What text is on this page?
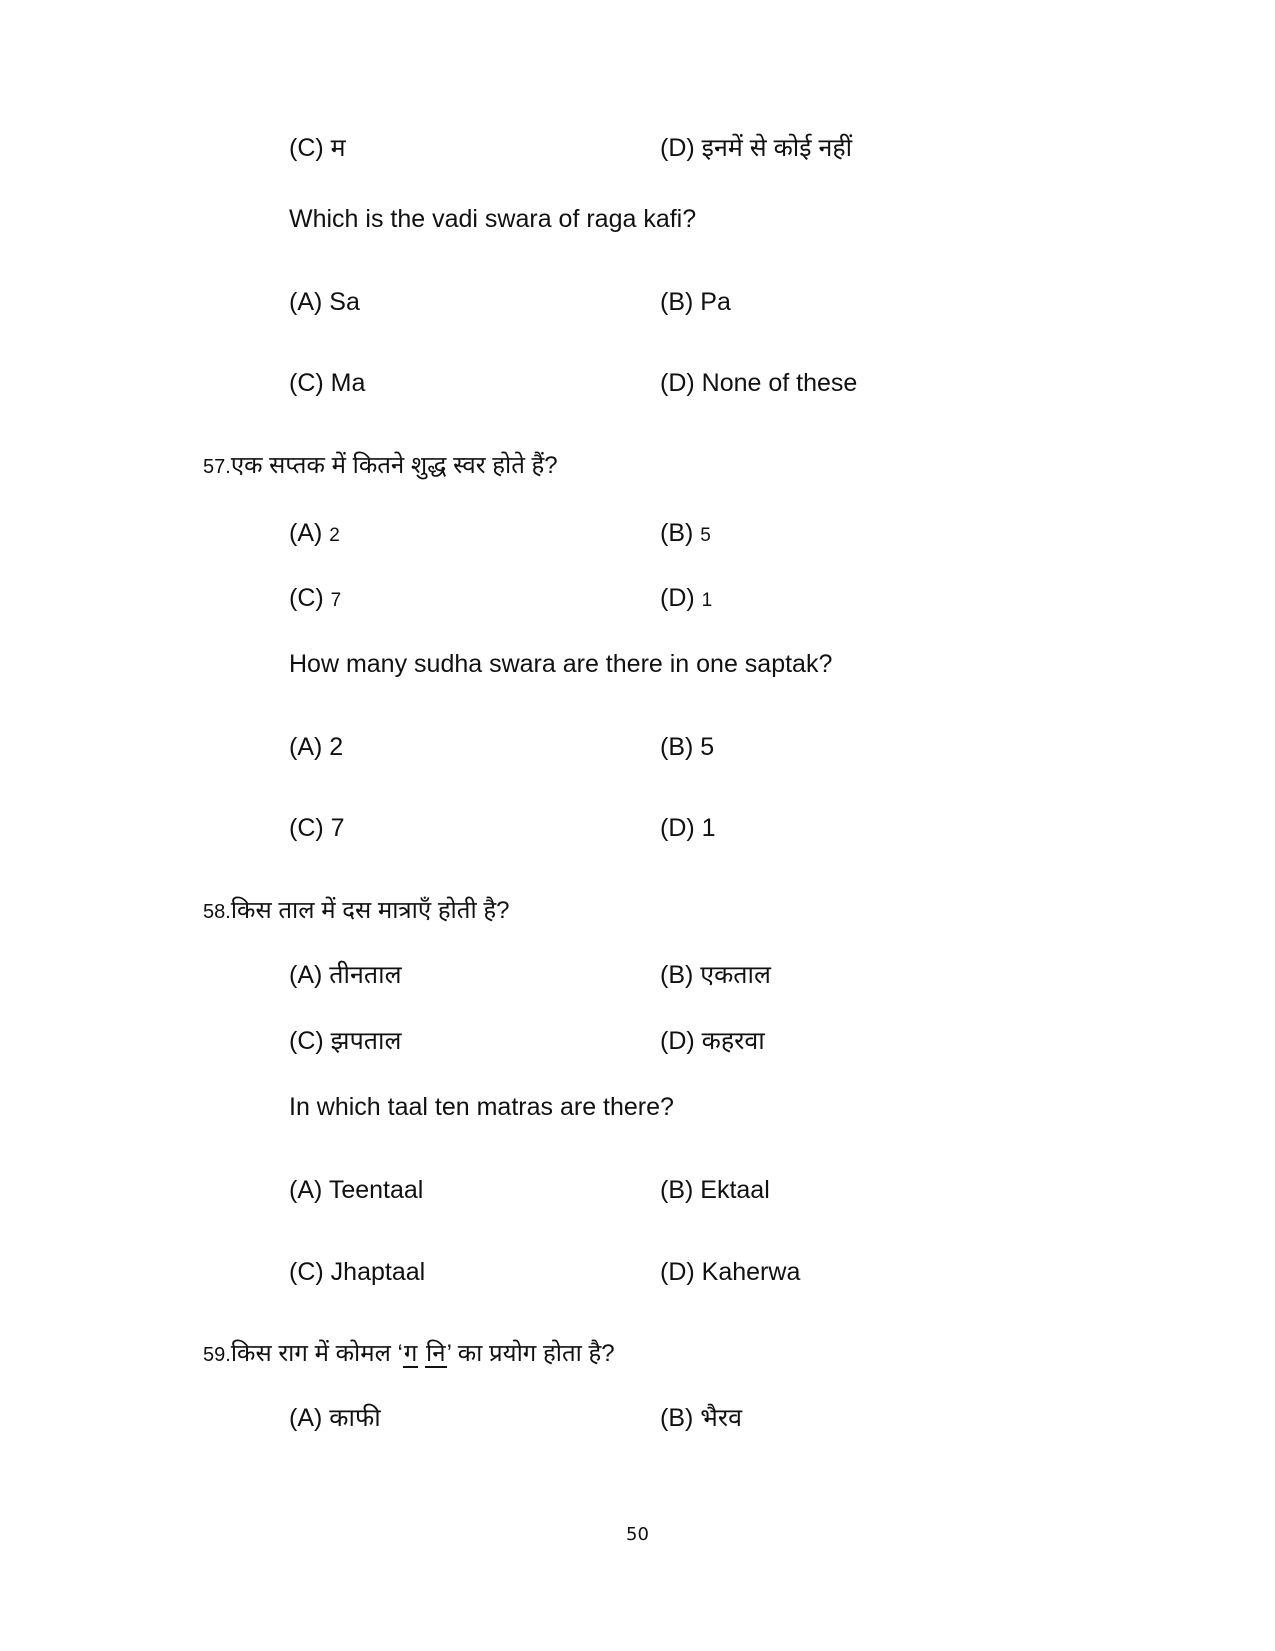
(C) म	(D) इनमें से कोई नहीं
Which is the vadi swara of raga kafi?
(A) Sa	(B) Pa
(C) Ma	(D) None of these
57.एक सप्तक में कितने शुद्ध स्वर होते हैं?
(A) 2	(B) 5
(C) 7	(D) 1
How many sudha swara are there in one saptak?
(A) 2	(B) 5
(C) 7	(D) 1
58.किस ताल में दस मात्राएँ होती है?
(A) तीनताल	(B) एकताल
(C) झपताल	(D) कहरवा
In which taal ten matras are there?
(A) Teentaal	(B) Ektaal
(C) Jhaptaal	(D) Kaherwa
59.किस राग में कोमल ‘ग नि’ का प्रयोग होता है?
(A) काफी	(B) भैरव
50
